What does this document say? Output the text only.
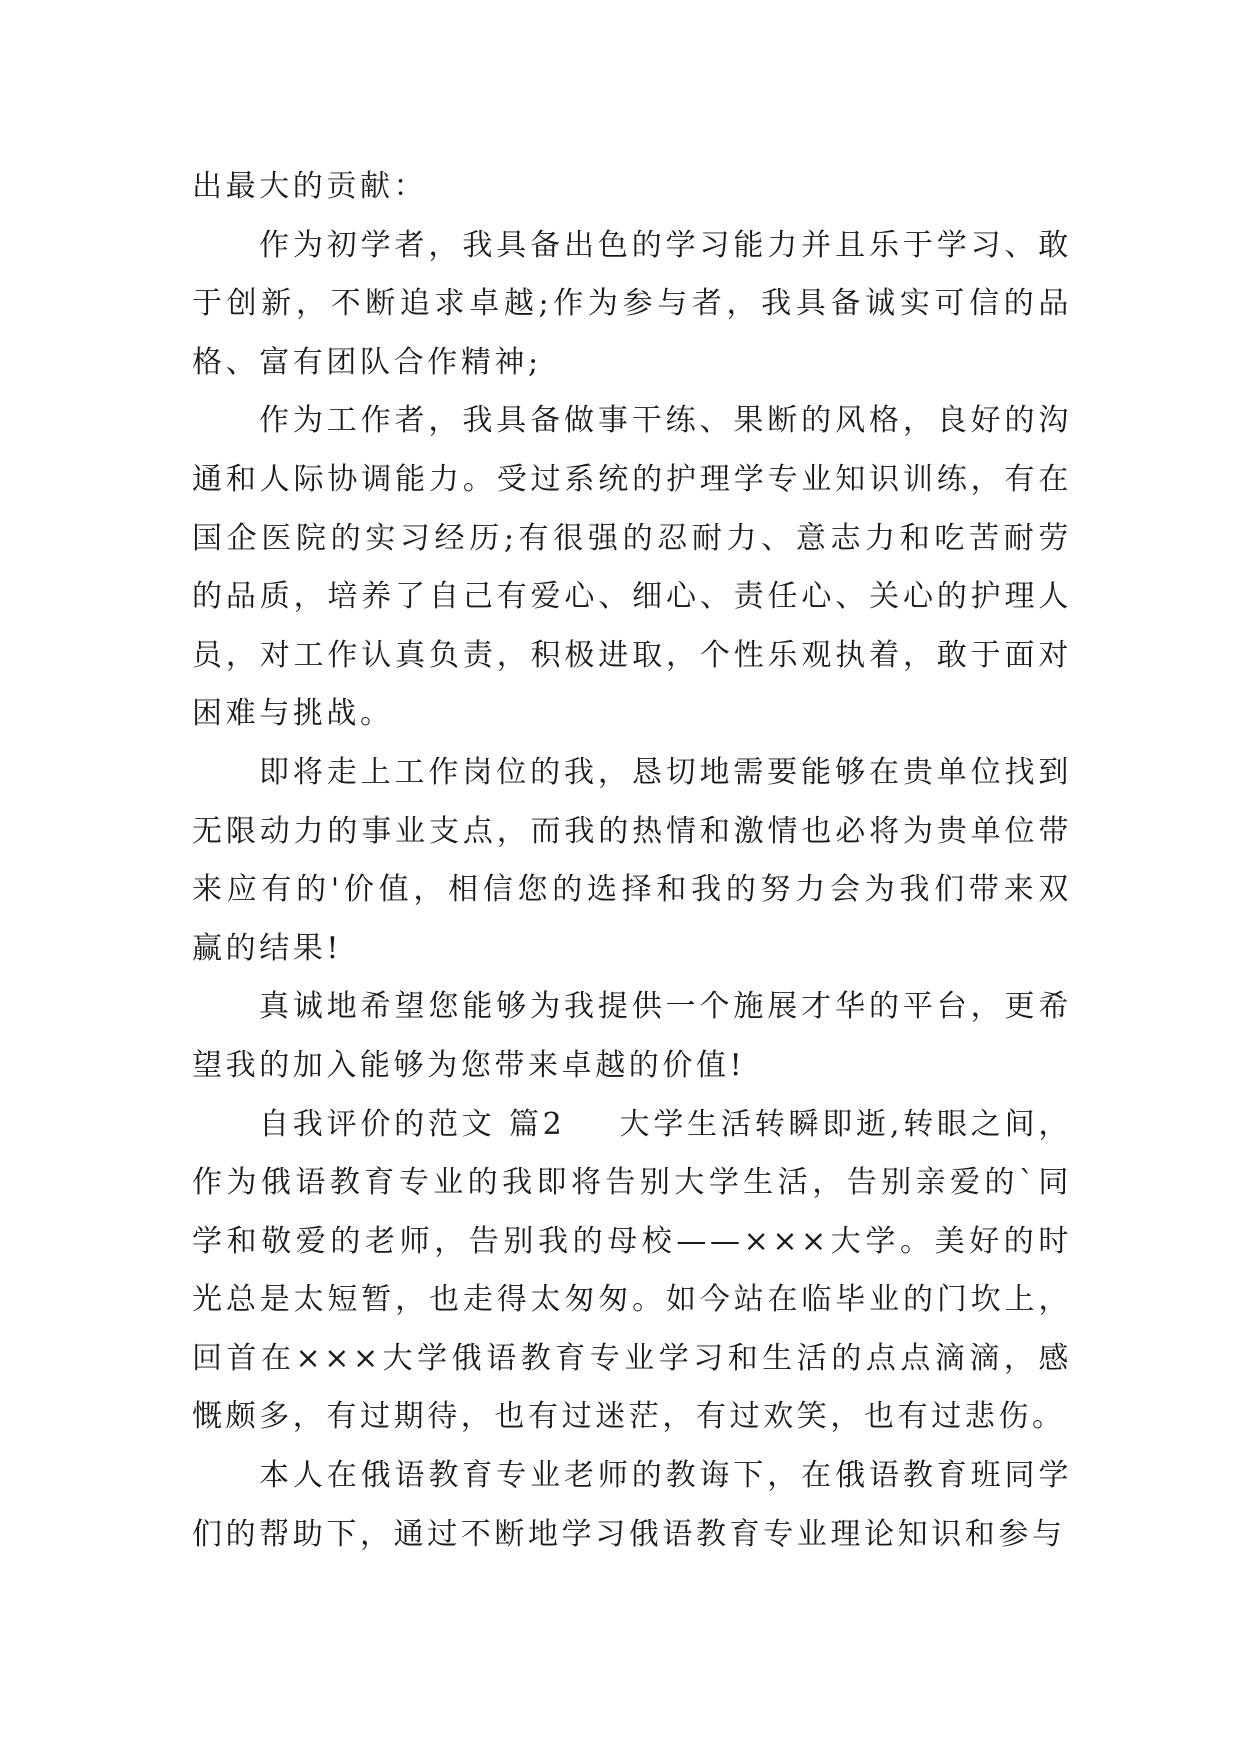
出最大的贡献：

作为初学者，我具备出色的学习能力并且乐于学习、敢于创新，不断追求卓越;作为参与者，我具备诚实可信的品格、富有团队合作精神;

作为工作者，我具备做事干练、果断的风格，良好的沟通和人际协调能力。受过系统的护理学专业知识训练，有在国企医院的实习经历;有很强的忍耐力、意志力和吃苦耐劳的品质，培养了自己有爱心、细心、责任心、关心的护理人员，对工作认真负责，积极进取，个性乐观执着，敢于面对困难与挑战。

即将走上工作岗位的我，恳切地需要能够在贵单位找到无限动力的事业支点，而我的热情和激情也必将为贵单位带来应有的'价值，相信您的选择和我的努力会为我们带来双赢的结果!

真诚地希望您能够为我提供一个施展才华的平台，更希望我的加入能够为您带来卓越的价值!

自我评价的范文 篇2 大学生活转瞬即逝,转眼之间，作为俄语教育专业的我即将告别大学生活，告别亲爱的`同学和敬爱的老师，告别我的母校——×××大学。美好的时光总是太短暂，也走得太匆匆。如今站在临毕业的门坎上，回首在×××大学俄语教育专业学习和生活的点点滴滴，感慨颇多，有过期待，也有过迷茫，有过欢笑，也有过悲伤。

本人在俄语教育专业老师的教诲下，在俄语教育班同学们的帮助下，通过不断地学习俄语教育专业理论知识和参与
